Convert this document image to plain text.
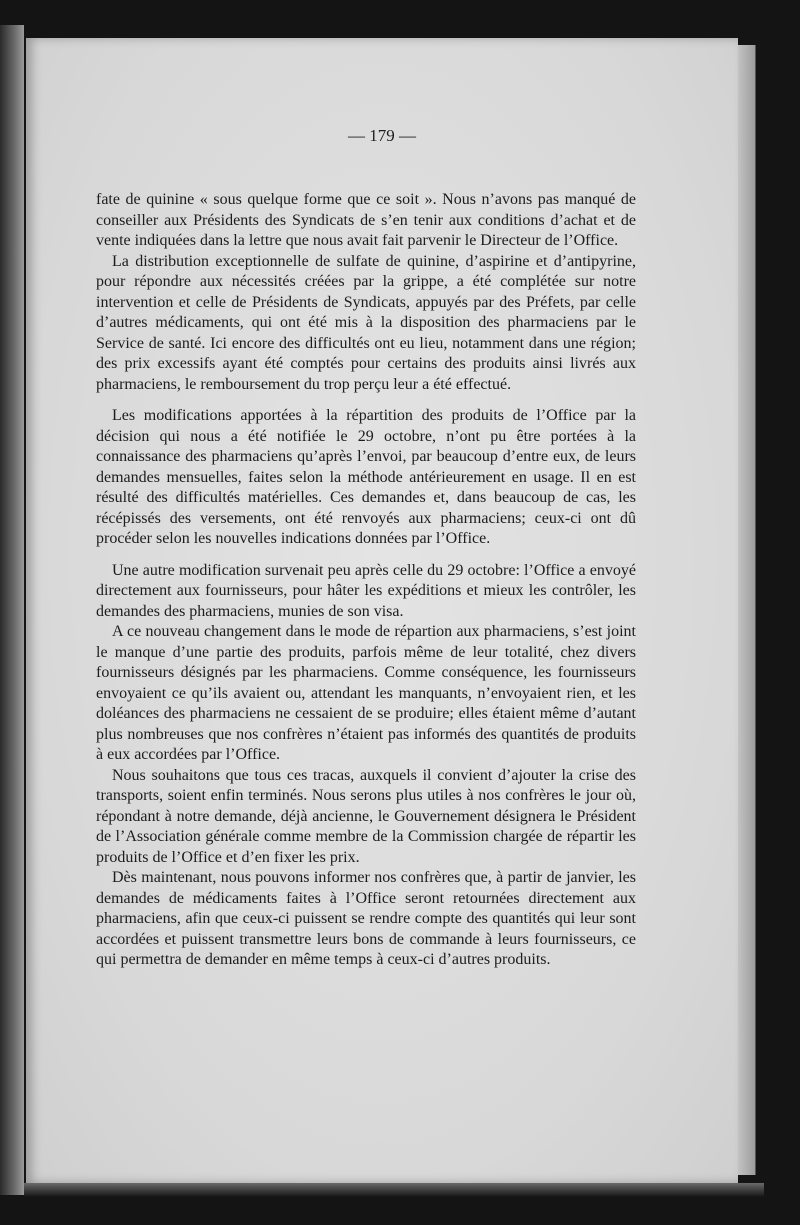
— 179 —

fate de quinine « sous quelque forme que ce soit ». Nous n’avons pas manqué de conseiller aux Présidents des Syndicats de s’en tenir aux conditions d’achat et de vente indiquées dans la lettre que nous avait fait parvenir le Directeur de l’Office.

La distribution exceptionnelle de sulfate de quinine, d’aspirine et d’antipyrine, pour répondre aux nécessités créées par la grippe, a été complétée sur notre intervention et celle de Présidents de Syndicats, appuyés par des Préfets, par celle d’autres médicaments, qui ont été mis à la disposition des pharmaciens par le Service de santé. Ici encore des difficultés ont eu lieu, notamment dans une région; des prix excessifs ayant été comptés pour certains des produits ainsi livrés aux pharmaciens, le remboursement du trop perçu leur a été effectué.

Les modifications apportées à la répartition des produits de l’Office par la décision qui nous a été notifiée le 29 octobre, n’ont pu être portées à la connaissance des pharmaciens qu’après l’envoi, par beaucoup d’entre eux, de leurs demandes mensuelles, faites selon la méthode antérieurement en usage. Il en est résulté des difficultés matérielles. Ces demandes et, dans beaucoup de cas, les récépissés des versements, ont été renvoyés aux pharmaciens; ceux-ci ont dû procéder selon les nouvelles indications données par l’Office.

Une autre modification survenait peu après celle du 29 octobre: l’Office a envoyé directement aux fournisseurs, pour hâter les expéditions et mieux les contrôler, les demandes des pharmaciens, munies de son visa.

A ce nouveau changement dans le mode de répartion aux pharmaciens, s’est joint le manque d’une partie des produits, parfois même de leur totalité, chez divers fournisseurs désignés par les pharmaciens. Comme conséquence, les fournisseurs envoyaient ce qu’ils avaient ou, attendant les manquants, n’envoyaient rien, et les doléances des pharmaciens ne cessaient de se produire; elles étaient même d’autant plus nombreuses que nos confrères n’étaient pas informés des quantités de produits à eux accordées par l’Office.

Nous souhaitons que tous ces tracas, auxquels il convient d’ajouter la crise des transports, soient enfin terminés. Nous serons plus utiles à nos confrères le jour où, répondant à notre demande, déjà ancienne, le Gouvernement désignera le Président de l’Association générale comme membre de la Commission chargée de répartir les produits de l’Office et d’en fixer les prix.

Dès maintenant, nous pouvons informer nos confrères que, à partir de janvier, les demandes de médicaments faites à l’Office seront retournées directement aux pharmaciens, afin que ceux-ci puissent se rendre compte des quantités qui leur sont accordées et puissent transmettre leurs bons de commande à leurs fournisseurs, ce qui permettra de demander en même temps à ceux-ci d’autres produits.
